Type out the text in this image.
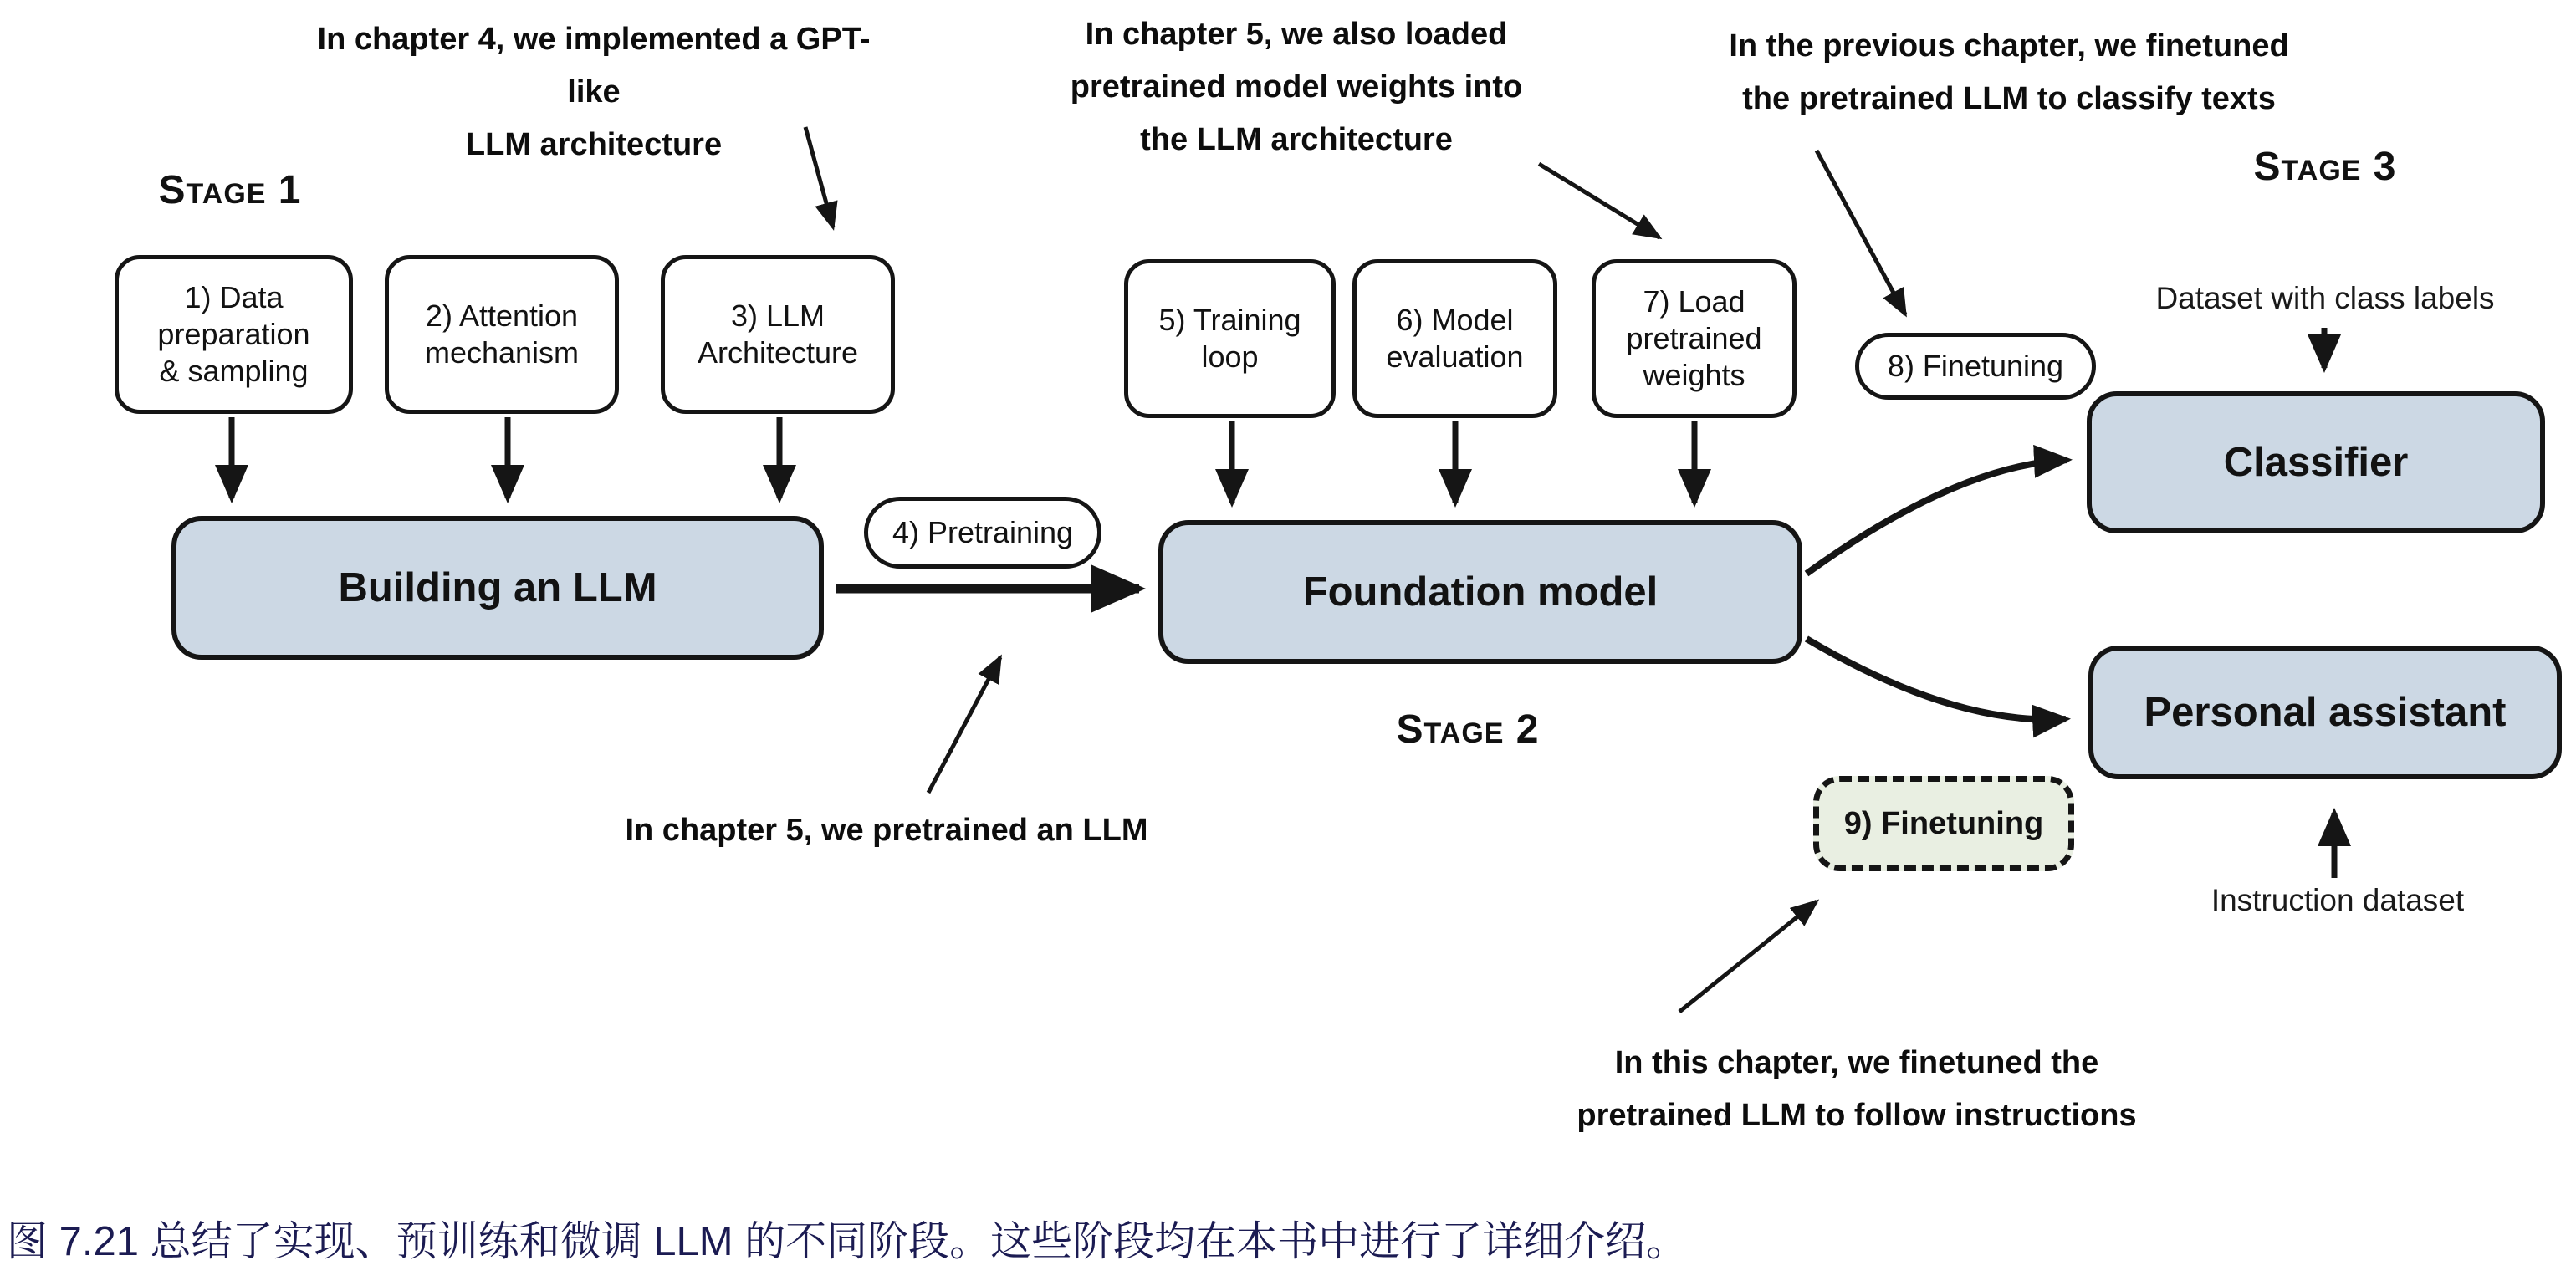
In chapter 4, we implemented a GPT-like
LLM architecture
In chapter 5, we also loaded
pretrained model weights into
the LLM architecture
In the previous chapter, we finetuned
the pretrained LLM to classify texts
In chapter 5, we pretrained an LLM
In this chapter, we finetuned the
pretrained LLM to follow instructions
Stage 1
Stage 2
Stage 3
1) Data
preparation
& sampling
2) Attention
mechanism
3) LLM
Architecture
5) Training
loop
6) Model
evaluation
7) Load
pretrained
weights
4) Pretraining
8) Finetuning
9) Finetuning
Building an LLM	Foundation model
Classifier
Personal assistant
Dataset with class labels
Instruction dataset
图 7.21 总结了实现、预训练和微调 LLM 的不同阶段。这些阶段均在本书中进行了详细介绍。
